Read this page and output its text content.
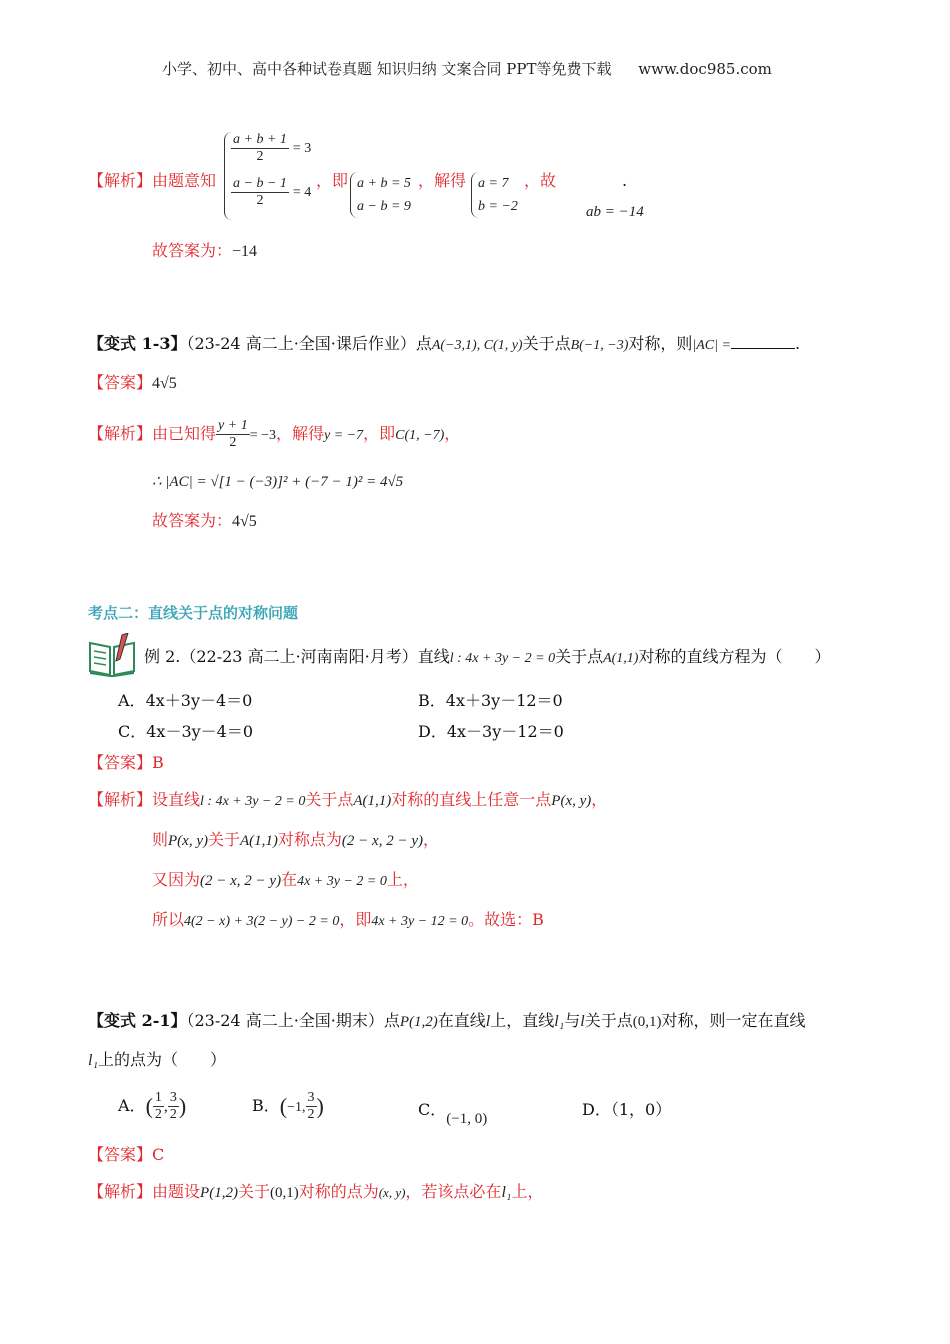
小学、初中、高中各种试卷真题 知识归纳 文案合同 PPT等免费下载 www.doc985.com
【解析】由题意知
$\frac{a + b + 1}{2} = 3$
$\frac{a - b - 1}{2} = 4$
，即 a + b = 5
a − b = 9
，解得 a = 7
b = −2
，故
ab = −14
.
故答案为：−14
【变式 1-3】（23-24 高二上·全国·课后作业）点A(−3,1), C(1, y)关于点B(−1, −3)对称，则|AC| =	.
【答案】4√5
【解析】由已知得 $\frac{y + 1}{2} = -3$，解得y = −7，即C(1, −7)，
∴ |AC| = √[1 − (−3)]² + (−7 − 1)² = 4√5
故答案为：4√5
考点二：直线关于点的对称问题
例 2.（22-23 高二上·河南南阳·月考）直线l : 4x + 3y − 2 = 0关于点A(1,1)对称的直线方程为（　　）
A．4x＋3y－4＝0	B．4x＋3y－12＝0
C．4x－3y－4＝0	D．4x－3y－12＝0
【答案】B
【解析】设直线l : 4x + 3y − 2 = 0关于点A(1,1)对称的直线上任意一点P(x, y)，
则P(x, y)关于A(1,1)对称点为(2 − x, 2 − y)，
又因为(2 − x, 2 − y)在4x + 3y − 2 = 0上，
所以4(2 − x) + 3(2 − y) − 2 = 0，即4x + 3y − 12 = 0。故选：B
【变式 2-1】（23-24 高二上·全国·期末）点P(1,2)在直线l上，直线l₁与l关于点(0,1)对称，则一定在直线
l₁上的点为（　　）
A．( $\frac{1}{2}$ , $\frac{3}{2}$ )	B．(−1, $\frac{3}{2}$ )	C．(−1, 0)	D．（1，0）
【答案】C
【解析】由题设P(1,2)关于(0,1)对称的点为(x, y)，若该点必在l₁上，
